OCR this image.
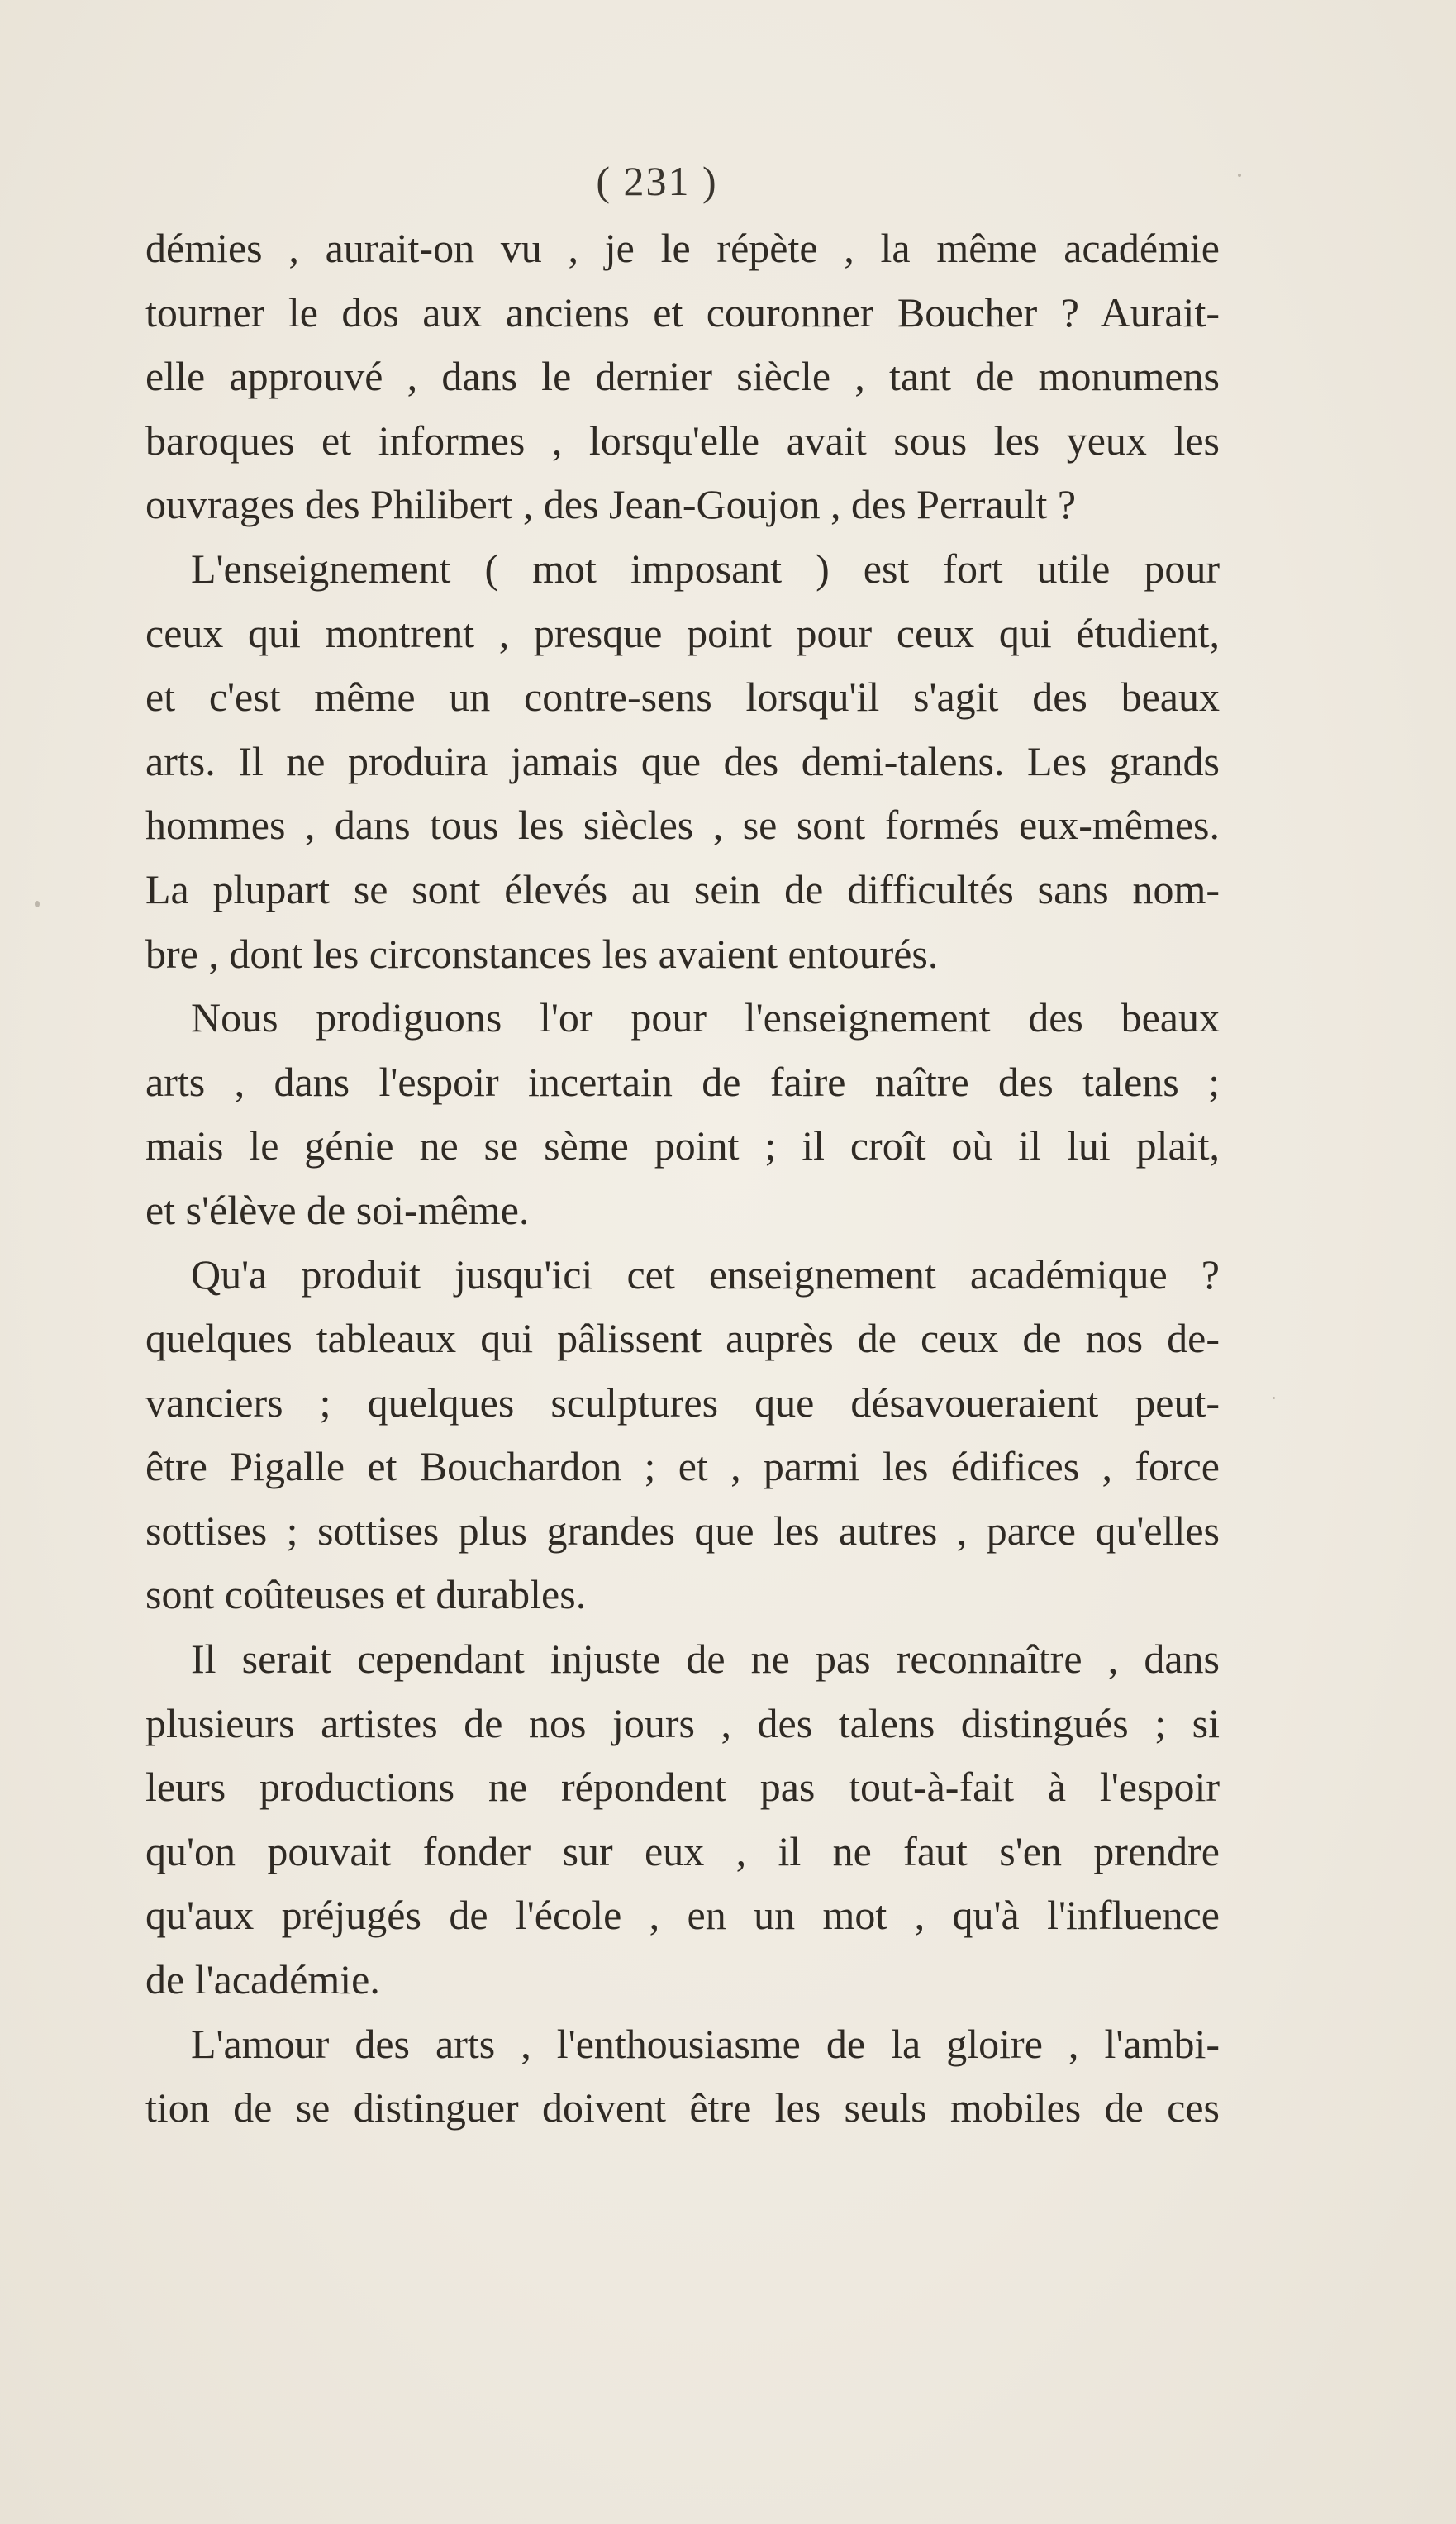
( 231 )
démies , aurait-on vu , je le répète , la même académie
tourner le dos aux anciens et couronner Boucher ? Aurait-
elle approuvé , dans le dernier siècle , tant de monumens
baroques et informes , lorsqu'elle avait sous les yeux les
ouvrages des Philibert , des Jean-Goujon , des Perrault ?
L'enseignement ( mot imposant ) est fort utile pour
ceux qui montrent , presque point pour ceux qui étudient,
et c'est même un contre-sens lorsqu'il s'agit des beaux
arts. Il ne produira jamais que des demi-talens. Les grands
hommes , dans tous les siècles , se sont formés eux-mêmes.
La plupart se sont élevés au sein de difficultés sans nom-
bre , dont les circonstances les avaient entourés.
Nous prodiguons l'or pour l'enseignement des beaux
arts , dans l'espoir incertain de faire naître des talens ;
mais le génie ne se sème point ; il croît où il lui plait,
et s'élève de soi-même.
Qu'a produit jusqu'ici cet enseignement académique ?
quelques tableaux qui pâlissent auprès de ceux de nos de-
vanciers ; quelques sculptures que désavoueraient peut-
être Pigalle et Bouchardon ; et , parmi les édifices , force
sottises ; sottises plus grandes que les autres , parce qu'elles
sont coûteuses et durables.
Il serait cependant injuste de ne pas reconnaître , dans
plusieurs artistes de nos jours , des talens distingués ; si
leurs productions ne répondent pas tout-à-fait à l'espoir
qu'on pouvait fonder sur eux , il ne faut s'en prendre
qu'aux préjugés de l'école , en un mot , qu'à l'influence
de l'académie.
L'amour des arts , l'enthousiasme de la gloire , l'ambi-
tion de se distinguer doivent être les seuls mobiles de ces
